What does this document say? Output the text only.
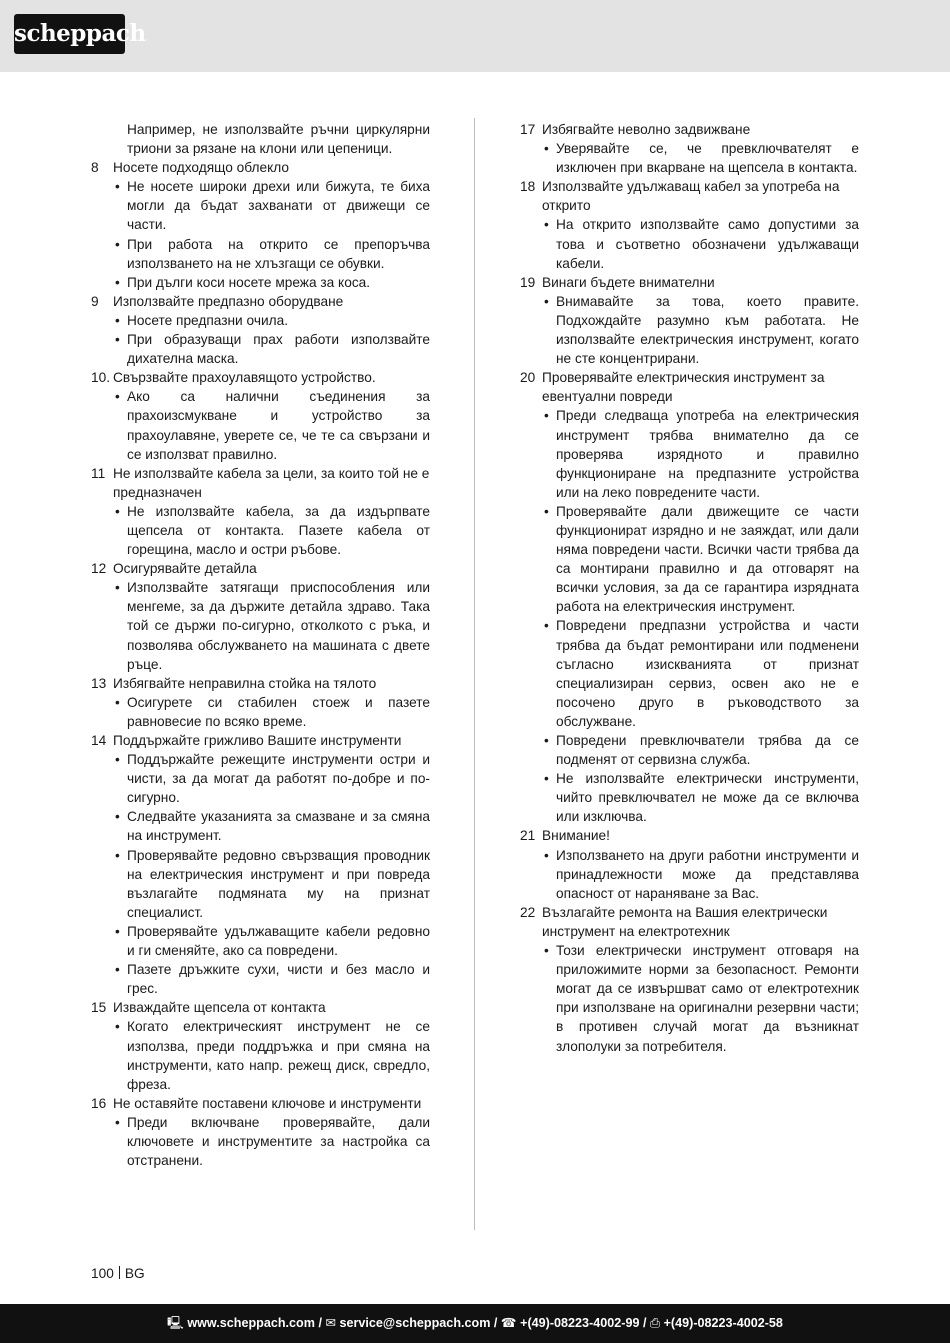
scheppach
Например, не използвайте ръчни циркулярни триони за рязане на клони или цепеници.
8 Носете подходящо облекло
• Не носете широки дрехи или бижута, те биха могли да бъдат захванати от движещи се части.
• При работа на открито се препоръчва използването на не хлъзгащи се обувки.
• При дълги коси носете мрежа за коса.
9 Използвайте предпазно оборудване
• Носете предпазни очила.
• При образуващи прах работи използвайте дихателна маска.
10. Свързвайте прахоулавящото устройство.
• Ако са налични съединения за прахоизсмукване и устройство за прахоулавяне, уверете се, че те са свързани и се използват правилно.
11 Не използвайте кабела за цели, за които той не е предназначен
• Не използвайте кабела, за да издърпвате щепсела от контакта. Пазете кабела от горещина, масло и остри ръбове.
12 Осигурявайте детайла
• Използвайте затягащи приспособления или менгеме, за да държите детайла здраво. Така той се държи по-сигурно, отколкото с ръка, и позволява обслужването на машината с двете ръце.
13 Избягвайте неправилна стойка на тялото
• Осигурете си стабилен стоеж и пазете равновесие по всяко време.
14 Поддържайте грижливо Вашите инструменти
• Поддържайте режещите инструменти остри и чисти, за да могат да работят по-добре и по-сигурно.
• Следвайте указанията за смазване и за смяна на инструмент.
• Проверявайте редовно свързващия проводник на електрическия инструмент и при повреда възлагайте подмяната му на признат специалист.
• Проверявайте удължаващите кабели редовно и ги сменяйте, ако са повредени.
• Пазете дръжките сухи, чисти и без масло и грес.
15 Изваждайте щепсела от контакта
• Когато електрическият инструмент не се използва, преди поддръжка и при смяна на инструменти, като напр. режещ диск, свредло, фреза.
16 Не оставяйте поставени ключове и инструменти
• Преди включване проверявайте, дали ключовете и инструментите за настройка са отстранени.
17 Избягвайте неволно задвижване
• Уверявайте се, че превключвателят е изключен при вкарване на щепсела в контакта.
18 Използвайте удължаващ кабел за употреба на открито
• На открито използвайте само допустими за това и съответно обозначени удължаващи кабели.
19 Винаги бъдете внимателни
• Внимавайте за това, което правите. Подхождайте разумно към работата. Не използвайте електрическия инструмент, когато не сте концентрирани.
20 Проверявайте електрическия инструмент за евентуални повреди
• Преди следваща употреба на електрическия инструмент трябва внимателно да се проверява изрядното и правилно функциониране на предпазните устройства или на леко повредените части.
• Проверявайте дали движещите се части функционират изрядно и не заяждат, или дали няма повредени части. Всички части трябва да са монтирани правилно и да отговарят на всички условия, за да се гарантира изрядната работа на електрическия инструмент.
• Повредени предпазни устройства и части трябва да бъдат ремонтирани или подменени съгласно изискванията от признат специализиран сервиз, освен ако не е посочено друго в ръководството за обслужване.
• Повредени превключватели трябва да се подменят от сервизна служба.
• Не използвайте електрически инструменти, чийто превключвател не може да се включва или изключва.
21 Внимание!
• Използването на други работни инструменти и принадлежности може да представлява опасност от нараняване за Вас.
22 Възлагайте ремонта на Вашия електрически инструмент на електротехник
• Този електрически инструмент отговаря на приложимите норми за безопасност. Ремонти могат да се извършват само от електротехник при използване на оригинални резервни части; в противен случай могат да възникнат злополуки за потребителя.
100 BG
🖳 www.scheppach.com / ✉ service@scheppach.com / ☎ +(49)-08223-4002-99 / ⎙ +(49)-08223-4002-58
